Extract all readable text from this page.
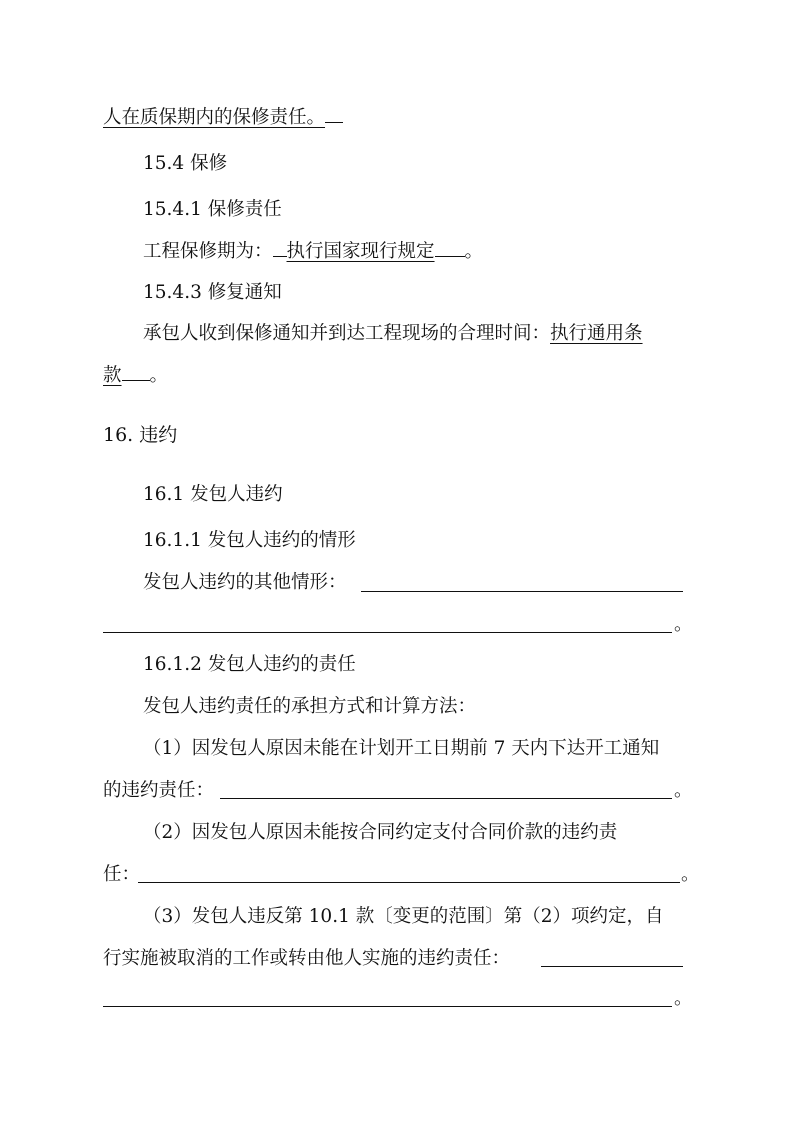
人在质保期内的保修责任。
15.4 保修
15.4.1 保修责任
工程保修期为： 执行国家现行规定 。
15.4.3 修复通知
承包人收到保修通知并到达工程现场的合理时间：执行通用条
款 。
16. 违约
16.1 发包人违约
16.1.1 发包人违约的情形
发包人违约的其他情形：
。
16.1.2 发包人违约的责任
发包人违约责任的承担方式和计算方法：
（1）因发包人原因未能在计划开工日期前 7 天内下达开工通知
的违约责任：	。
（2）因发包人原因未能按合同约定支付合同价款的违约责
任：	。
（3）发包人违反第 10.1 款〔变更的范围〕第（2）项约定，自
行实施被取消的工作或转由他人实施的违约责任：
。
